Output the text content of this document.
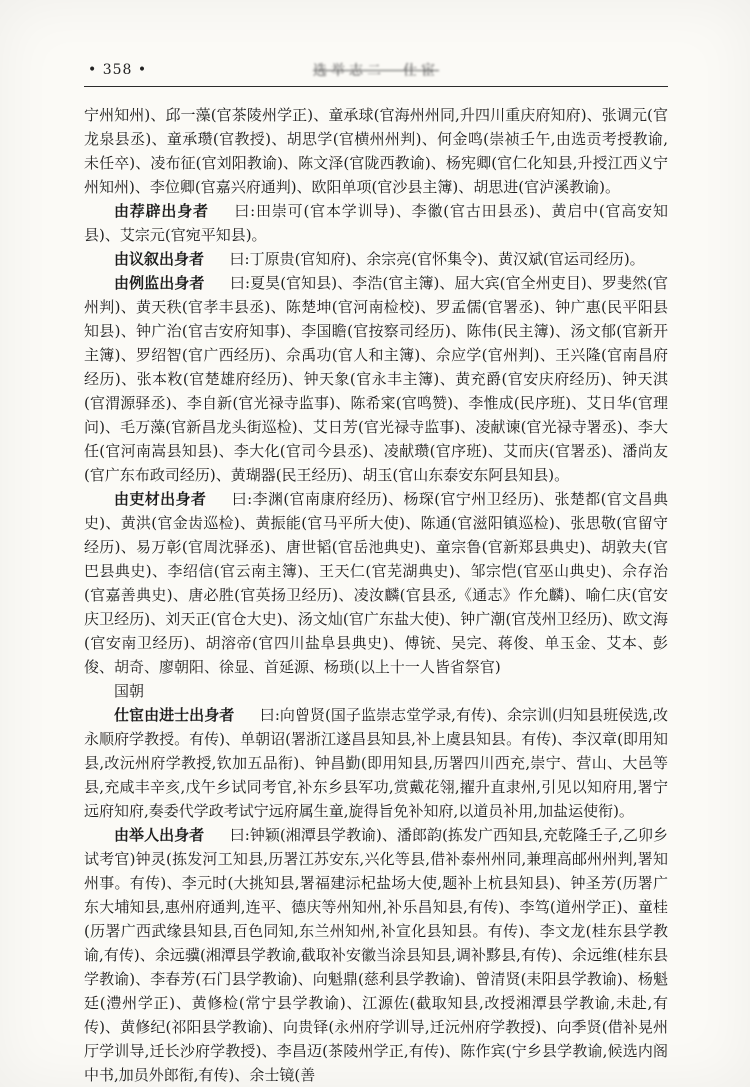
• 358 •	选举志二　仕宦

宁州知州)、邱一藻(官茶陵州学正)、童承球(官海州州同,升四川重庆府知府)、张调元(官龙泉县丞)、童承瓒(官教授)、胡思学(官横州州判)、何金鸣(崇祯壬午,由选贡考授教谕,未任卒)、凌布征(官刘阳教谕)、陈文泽(官陇西教谕)、杨宪卿(官仁化知县,升授江西义宁州知州)、李位卿(官嘉兴府通判)、欧阳单项(官沙县主簿)、胡思进(官泸溪教谕)。

由荐辟出身者 曰:田崇可(官本学训导)、李徽(官古田县丞)、黄启中(官高安知县)、艾宗元(官宛平知县)。

由议叙出身者 曰:丁原贵(官知府)、余宗亮(官怀集令)、黄汉斌(官运司经历)。

由例监出身者 曰:夏昊(官知县)、李浩(官主簿)、屈大宾(官全州吏目)、罗斐然(官州判)、黄天秩(官孝丰县丞)、陈楚坤(官河南检校)、罗孟儒(官署丞)、钟广惠(民平阳县知县)、钟广治(官吉安府知事)、李国瞻(官按察司经历)、陈伟(民主簿)、汤文郁(官新开主簿)、罗绍智(官广西经历)、佘禹功(官人和主簿)、佘应学(官州判)、王兴隆(官南昌府经历)、张本敉(官楚雄府经历)、钟天象(官永丰主簿)、黄充爵(官安庆府经历)、钟天淇(官渭源驿丞)、李自新(官光禄寺监事)、陈希寀(官鸣赞)、李惟成(民序班)、艾日华(官理问)、毛万藻(官新昌龙头街巡检)、艾日芳(官光禄寺监事)、凌献谏(官光禄寺署丞)、李大任(官河南嵩县知县)、李大化(官司今县丞)、凌献瓒(官序班)、艾而庆(官署丞)、潘尚友(官广东布政司经历)、黄瑚器(民王经历)、胡玉(官山东泰安东阿县知县)。

由吏材出身者 曰:李渊(官南康府经历)、杨琛(官宁州卫经历)、张楚都(官文昌典史)、黄洪(官金齿巡检)、黄振能(官马平所大使)、陈通(官滋阳镇巡检)、张思敬(官留守经历)、易万彰(官周沈驿丞)、唐世韬(官岳池典史)、童宗鲁(官新郑县典史)、胡敦夫(官巴县典史)、李绍信(官云南主簿)、王天仁(官芜湖典史)、邹宗恺(官巫山典史)、佘存治(官嘉善典史)、唐必胜(官英扬卫经历)、凌汝麟(官县丞,《通志》作允麟)、喻仁庆(官安庆卫经历)、刘天正(官仓大史)、汤文灿(官广东盐大使)、钟广潮(官茂州卫经历)、欧文海(官安南卫经历)、胡溶帝(官四川盐阜县典史)、傅铳、吴完、蒋俊、单玉金、艾本、彭俊、胡奇、廖朝阳、徐显、首延源、杨琐(以上十一人皆省祭官)

国朝

仕宦由进士出身者 曰:向曾贤(国子监崇志堂学录,有传)、余宗训(归知县班侯选,改永顺府学教授。有传)、单朝诏(署浙江遂昌县知县,补上虞县知县。有传)、李汉章(即用知县,改沅州府学教授,钦加五品衔)、钟昌勤(即用知县,历署四川西充,崇宁、营山、大邑等县,充咸丰辛亥,戊午乡试同考官,补东乡县军功,赏戴花翎,擢升直隶州,引见以知府用,署宁远府知府,奏委代学政考试宁远府属生童,旋得旨免补知府,以道员补用,加盐运使衔)。

由举人出身者 曰:钟颖(湘潭县学教谕)、潘郎韵(拣发广西知县,充乾隆壬子,乙卯乡试考官)钟灵(拣发河工知县,历署江苏安东,兴化等县,借补泰州州同,兼理高邮州州判,署知州事。有传)、李元时(大挑知县,署福建沶杞盐场大使,题补上杭县知县)、钟圣芳(历署广东大埔知县,惠州府通判,连平、德庆等州知州,补乐昌知县,有传)、李笃(道州学正)、童桂(历署广西武缘县知县,百色同知,东兰州知州,补宣化县知县。有传)、李文龙(桂东县学教谕,有传)、余远骥(湘潭县学教谕,截取补安徽当涂县知县,调补黟县,有传)、余远维(桂东县学教谕)、李春芳(石门县学教谕)、向魁鼎(慈利县学教谕)、曾清贤(耒阳县学教谕)、杨魁廷(澧州学正)、黄修检(常宁县学教谕)、江源佐(截取知县,改授湘潭县学教谕,未赴,有传)、黄修纪(祁阳县学教谕)、向贵铎(永州府学训导,迁沅州府学教授)、向季贤(借补晃州厅学训导,迁长沙府学教授)、李昌迈(茶陵州学正,有传)、陈作宾(宁乡县学教谕,候选内阁中书,加员外郎衔,有传)、余士镜(善
